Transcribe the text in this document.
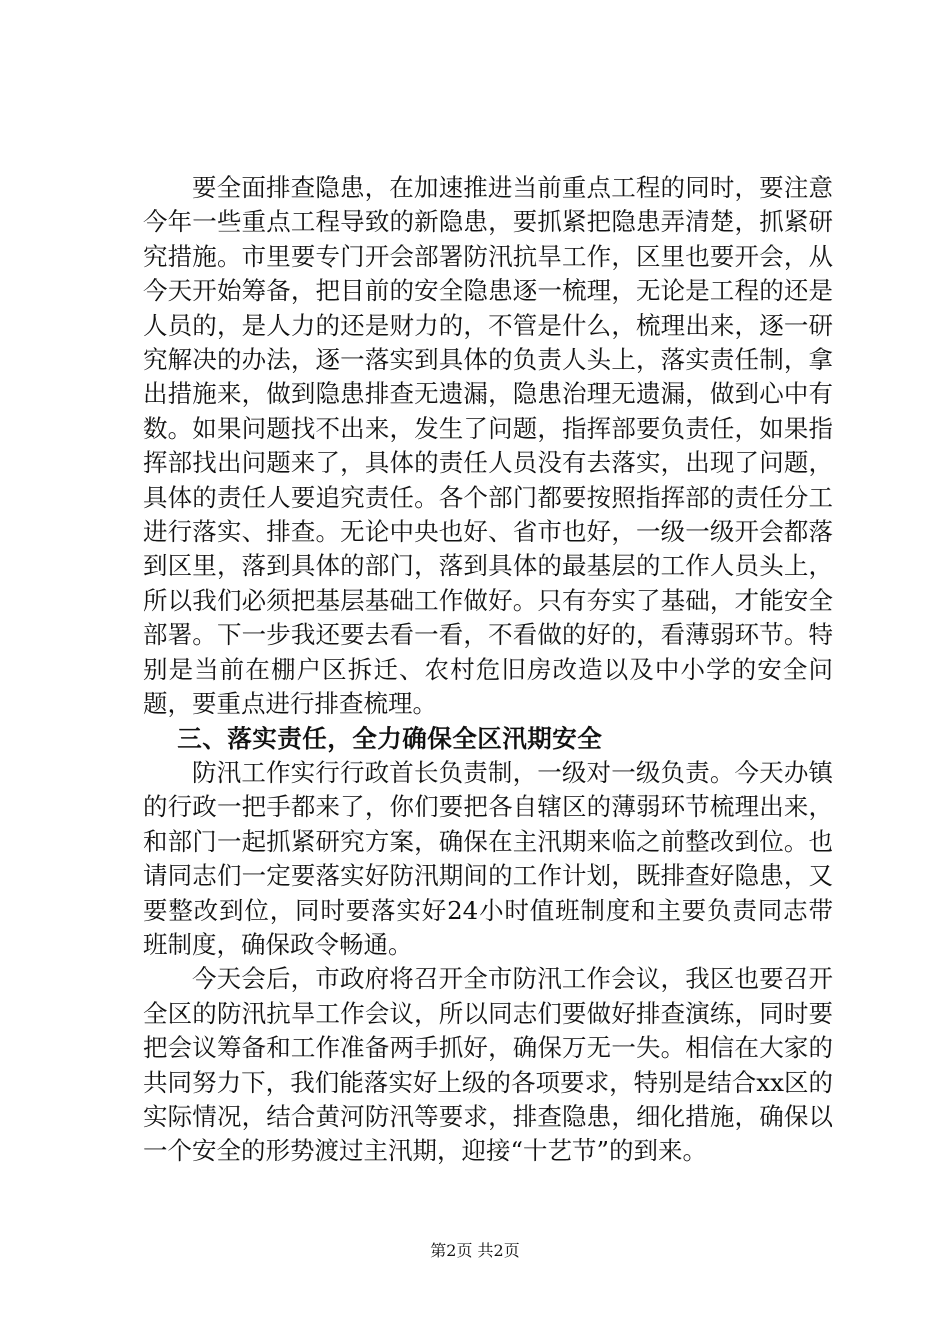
要全面排查隐患，在加速推进当前重点工程的同时，要注意今年一些重点工程导致的新隐患，要抓紧把隐患弄清楚，抓紧研究措施。市里要专门开会部署防汛抗旱工作，区里也要开会，从今天开始筹备，把目前的安全隐患逐一梳理，无论是工程的还是人员的，是人力的还是财力的，不管是什么，梳理出来，逐一研究解决的办法，逐一落实到具体的负责人头上，落实责任制，拿出措施来，做到隐患排查无遗漏，隐患治理无遗漏，做到心中有数。如果问题找不出来，发生了问题，指挥部要负责任，如果指挥部找出问题来了，具体的责任人员没有去落实，出现了问题，具体的责任人要追究责任。各个部门都要按照指挥部的责任分工进行落实、排查。无论中央也好、省市也好，一级一级开会都落到区里，落到具体的部门，落到具体的最基层的工作人员头上，所以我们必须把基层基础工作做好。只有夯实了基础，才能安全部署。下一步我还要去看一看，不看做的好的，看薄弱环节。特别是当前在棚户区拆迁、农村危旧房改造以及中小学的安全问题，要重点进行排查梳理。

三、落实责任，全力确保全区汛期安全

防汛工作实行行政首长负责制，一级对一级负责。今天办镇的行政一把手都来了，你们要把各自辖区的薄弱环节梳理出来，和部门一起抓紧研究方案，确保在主汛期来临之前整改到位。也请同志们一定要落实好防汛期间的工作计划，既排查好隐患，又要整改到位，同时要落实好24小时值班制度和主要负责同志带班制度，确保政令畅通。

今天会后，市政府将召开全市防汛工作会议，我区也要召开全区的防汛抗旱工作会议，所以同志们要做好排查演练，同时要把会议筹备和工作准备两手抓好，确保万无一失。相信在大家的共同努力下，我们能落实好上级的各项要求，特别是结合xx区的实际情况，结合黄河防汛等要求，排查隐患，细化措施，确保以一个安全的形势渡过主汛期，迎接“十艺节”的到来。

第2页 共2页
